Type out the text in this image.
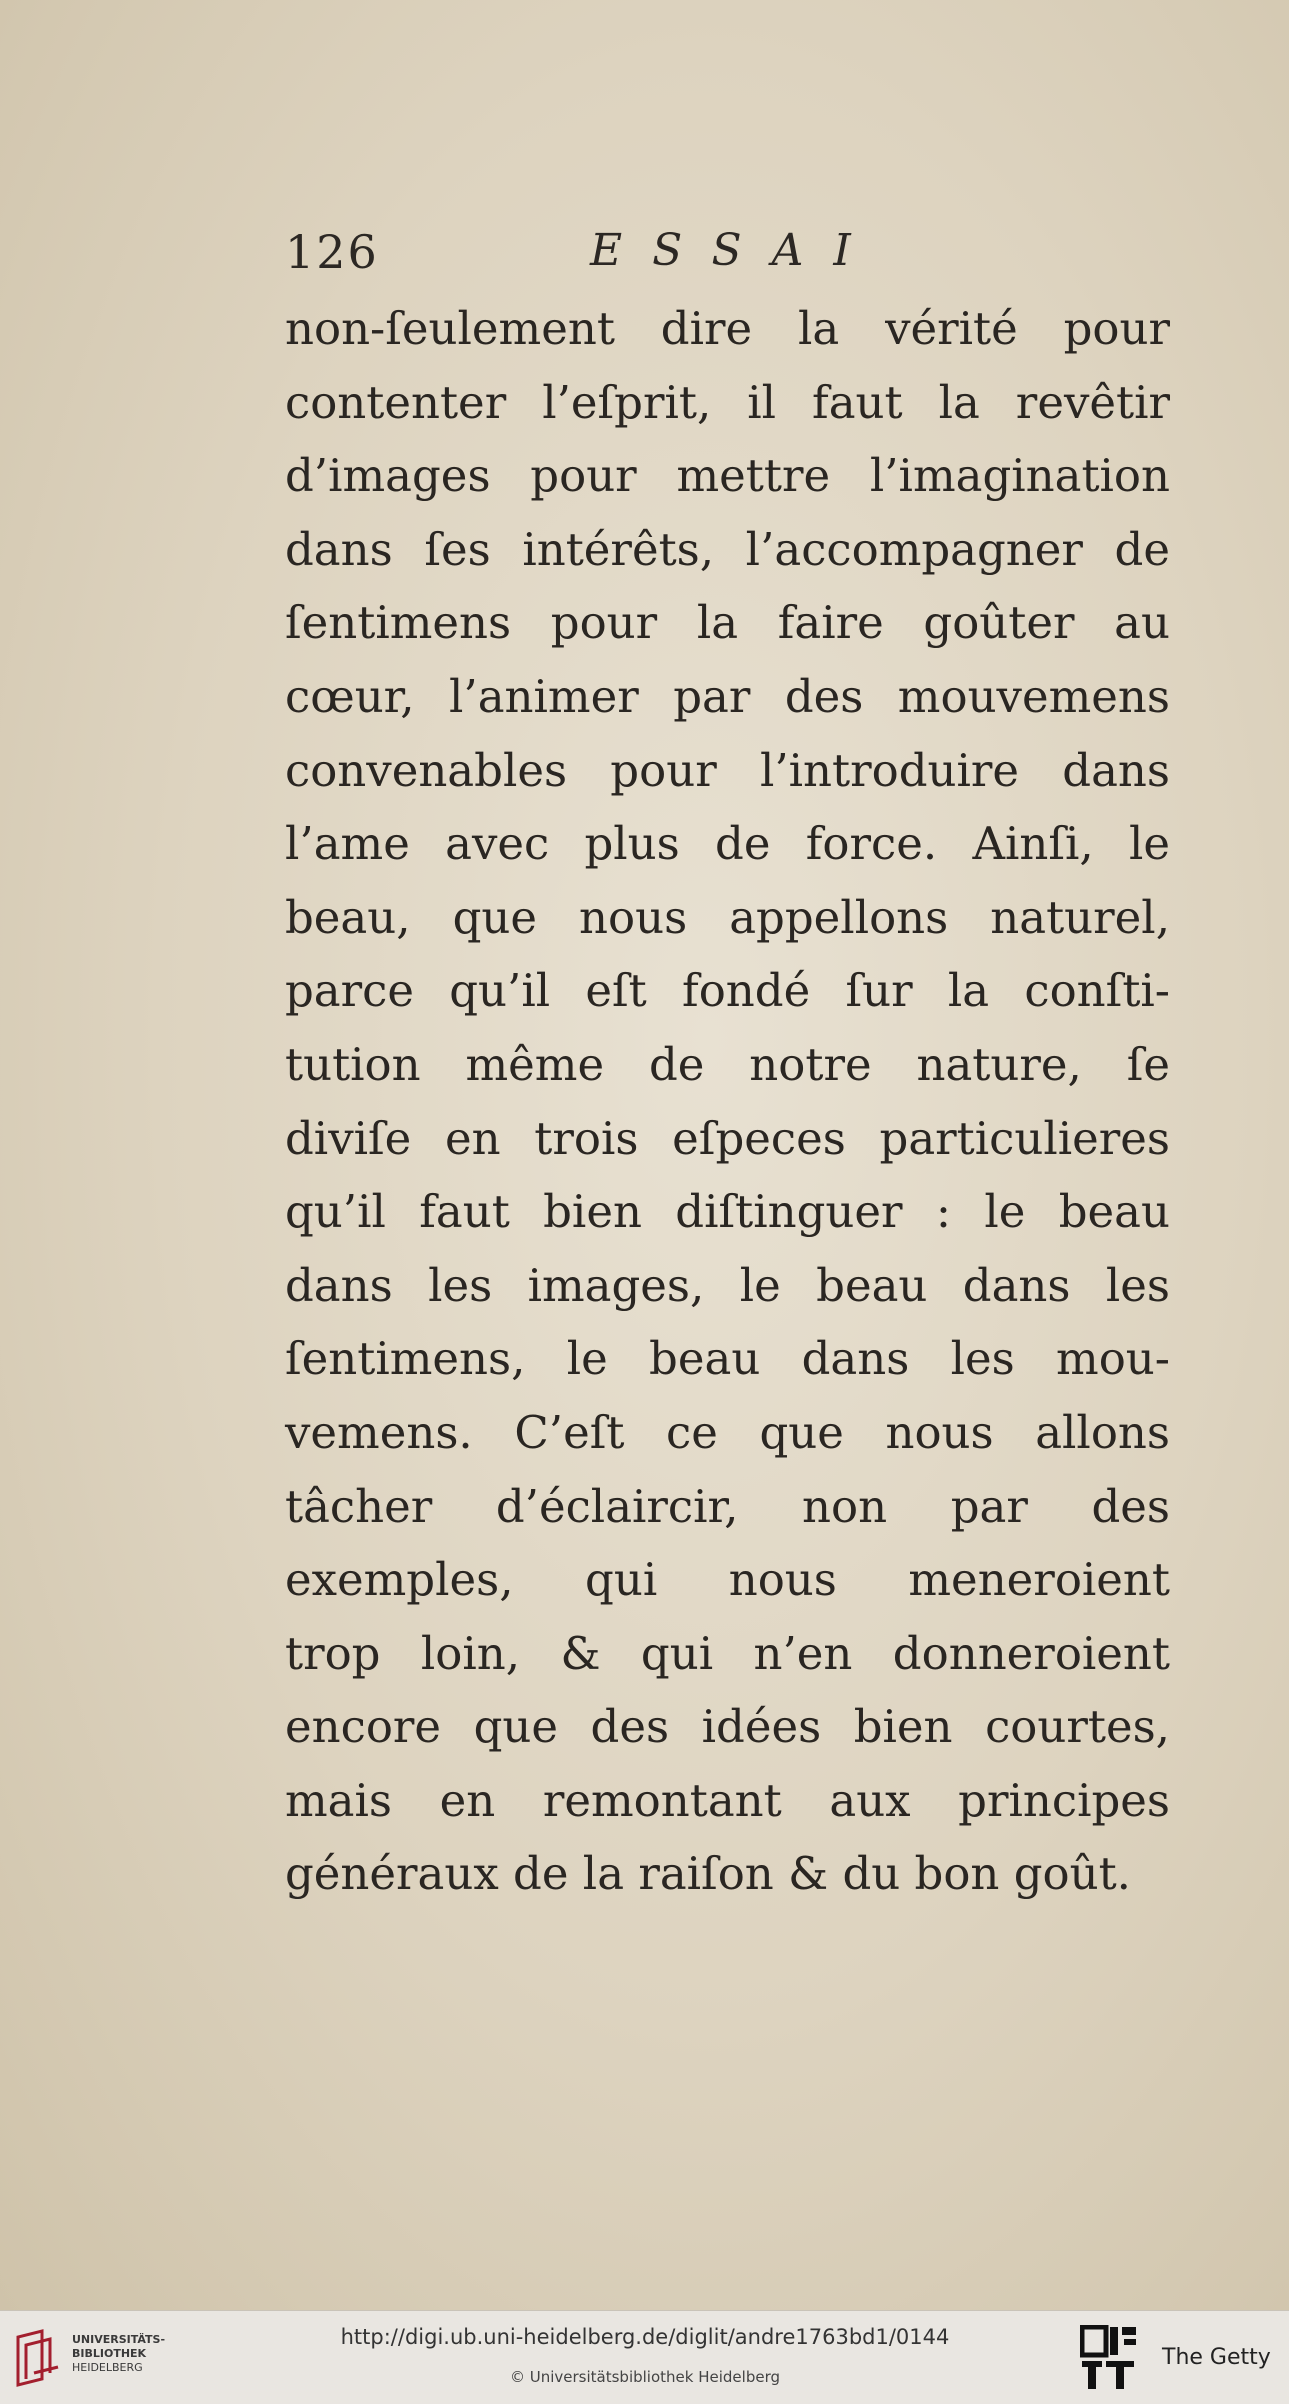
126	ESSAI
non-ſeulement dire la vérité pour
contenter l’eſprit, il faut la revêtir
d’images pour mettre l’imagination
dans ſes intérêts, l’accompagner de
ſentimens pour la faire goûter au
cœur, l’animer par des mouvemens
convenables pour l’introduire dans
l’ame avec plus de force. Ainſi, le
beau, que nous appellons naturel,
parce qu’il eſt fondé ſur la conſti-
tution même de notre nature, ſe
diviſe en trois eſpeces particulieres
qu’il faut bien diſtinguer : le beau
dans les images, le beau dans les
ſentimens, le beau dans les mou-
vemens. C’eſt ce que nous allons
tâcher d’éclaircir, non par des
exemples, qui nous meneroient
trop loin, & qui n’en donneroient
encore que des idées bien courtes,
mais en remontant aux principes
généraux de la raiſon & du bon goût.
UNIVERSITÄTS-
BIBLIOTHEK
HEIDELBERG
http://digi.ub.uni-heidelberg.de/diglit/andre1763bd1/0144
© Universitätsbibliothek Heidelberg
The Getty
